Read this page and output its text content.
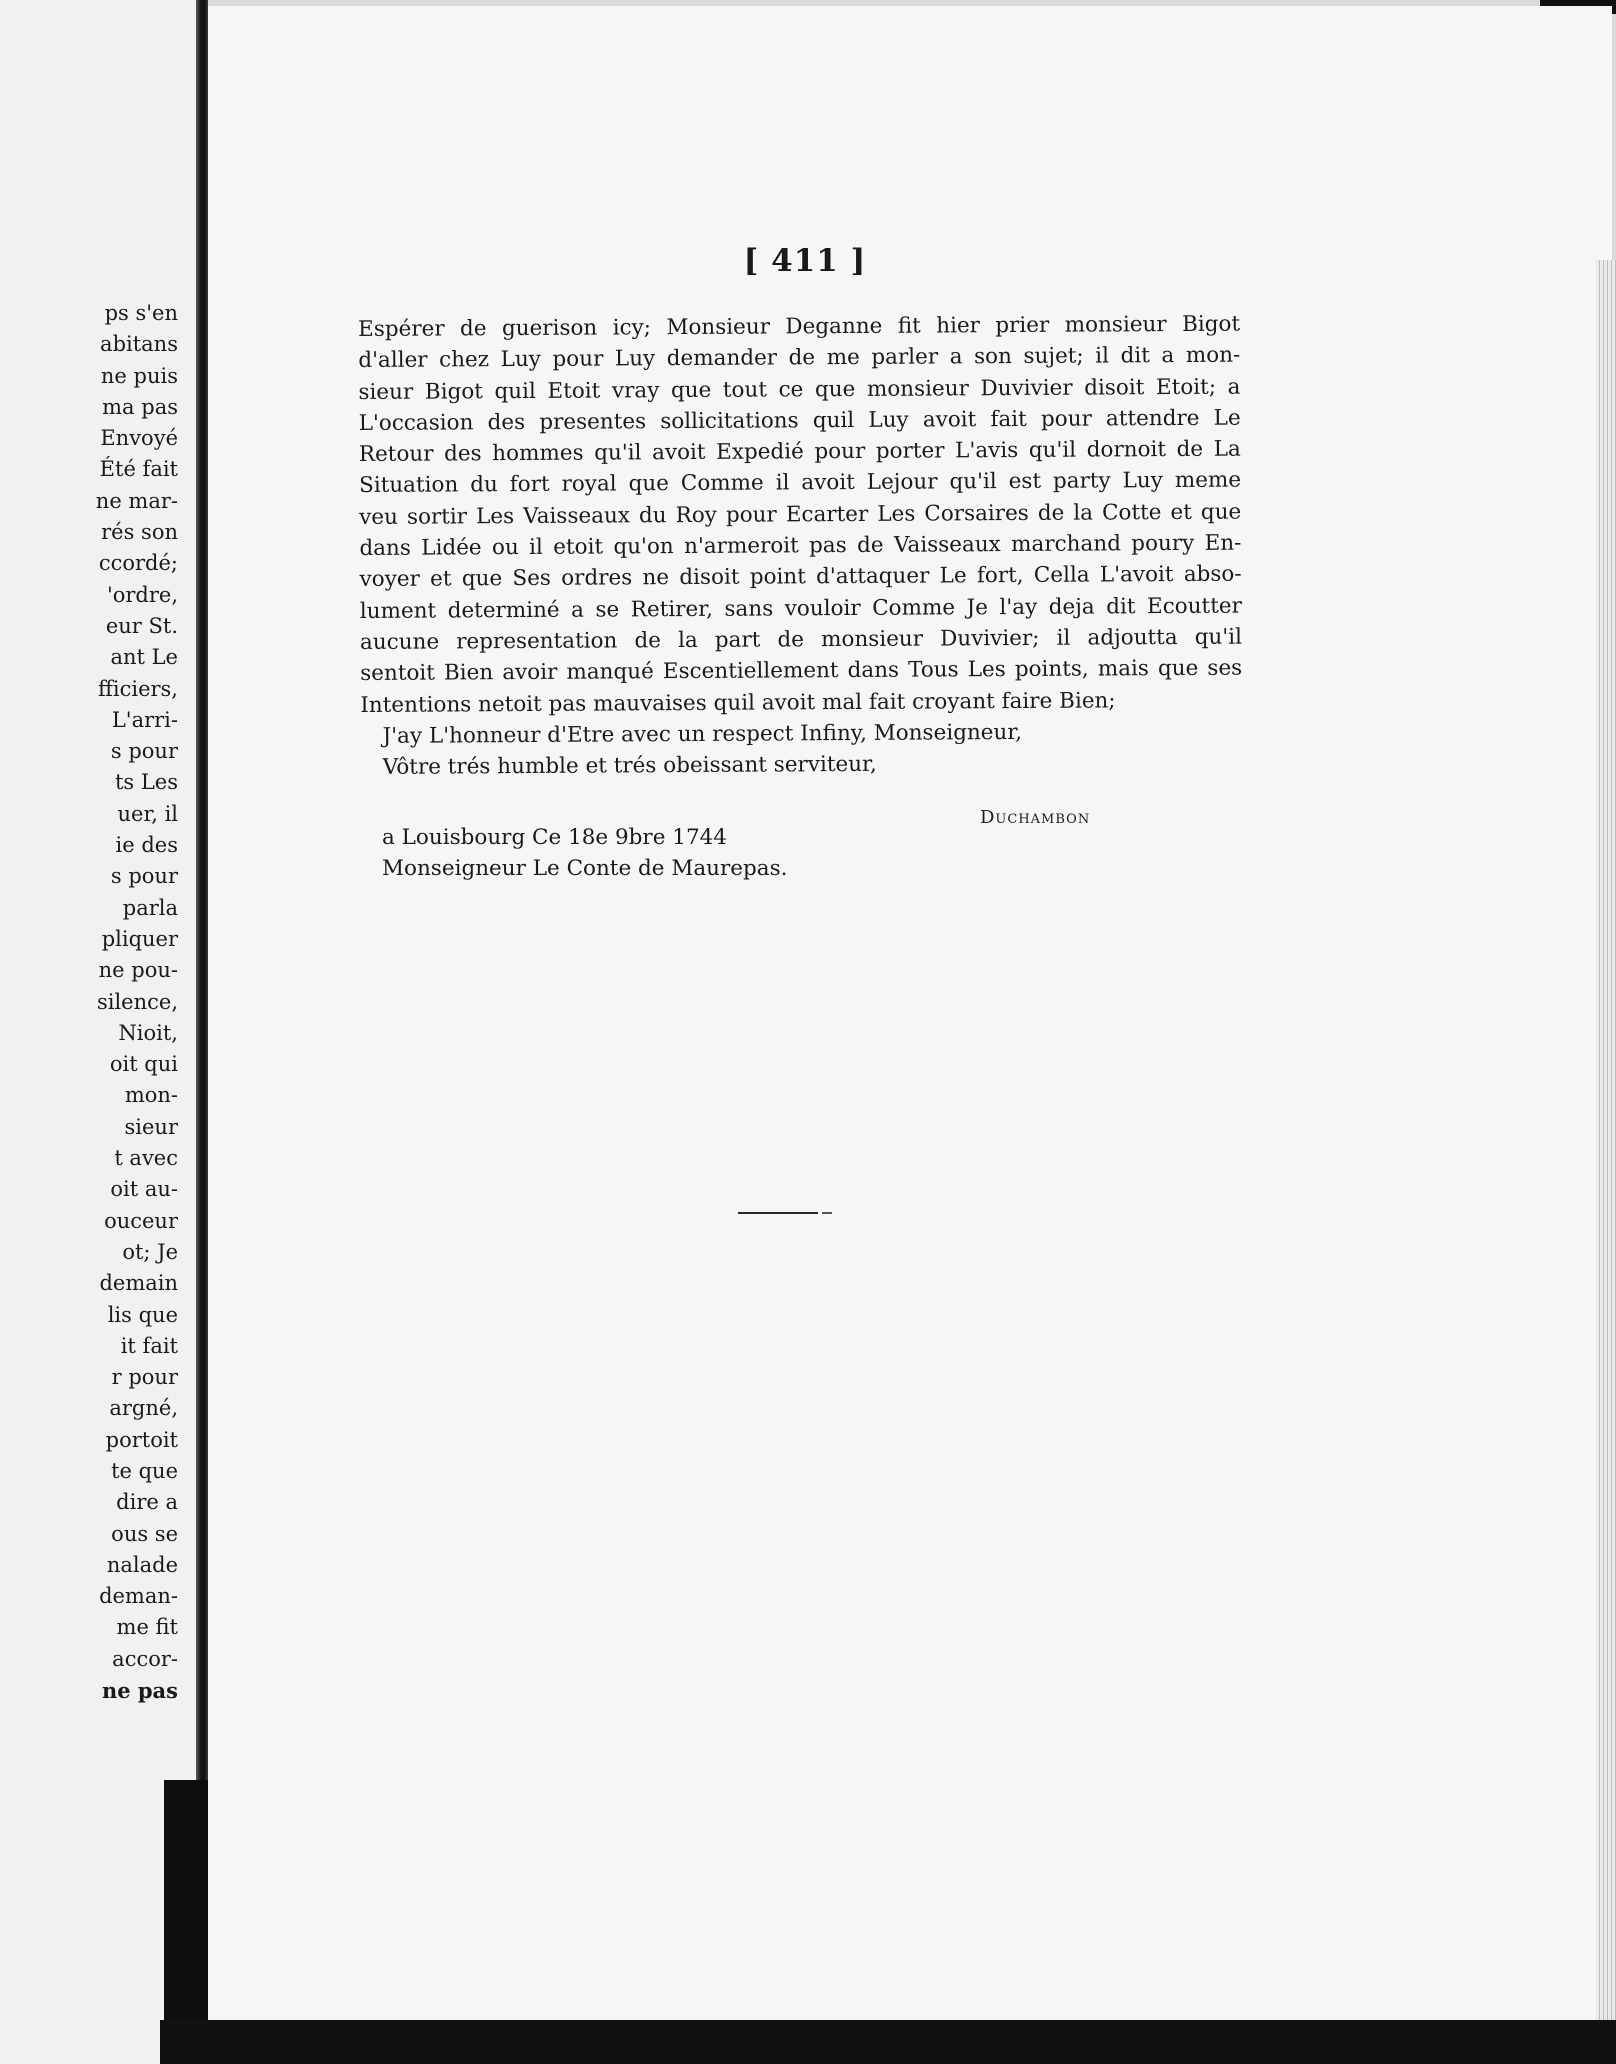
ps s'en
abitans
ne puis
ma pas
Envoyé
Été fait
ne mar-
rés son
ccordé;
'ordre,
eur St.
ant Le
fficiers,
L'arri-
s pour
ts Les
uer, il
ie des
s pour
parla
pliquer
ne pou-
silence,
Nioit,
oit qui
mon-
sieur
t avec
oit au-
ouceur
ot; Je
demain
lis que
it fait
r pour
argné,
portoit
te que
dire a
ous se
nalade
deman-
me fit
accor-
ne pas
[ 411 ]
Espérer de guerison icy; Monsieur Deganne fit hier prier monsieur Bigot
d'aller chez Luy pour Luy demander de me parler a son sujet; il dit a mon-
sieur Bigot quil Etoit vray que tout ce que monsieur Duvivier disoit Etoit; a
L'occasion des presentes sollicitations quil Luy avoit fait pour attendre Le
Retour des hommes qu'il avoit Expedié pour porter L'avis qu'il dornoit de La
Situation du fort royal que Comme il avoit Lejour qu'il est party Luy meme
veu sortir Les Vaisseaux du Roy pour Ecarter Les Corsaires de la Cotte et que
dans Lidée ou il etoit qu'on n'armeroit pas de Vaisseaux marchand poury En-
voyer et que Ses ordres ne disoit point d'attaquer Le fort, Cella L'avoit abso-
lument determiné a se Retirer, sans vouloir Comme Je l'ay deja dit Ecoutter
aucune representation de la part de monsieur Duvivier; il adjoutta qu'il
sentoit Bien avoir manqué Escentiellement dans Tous Les points, mais que ses
Intentions netoit pas mauvaises quil avoit mal fait croyant faire Bien;
J'ay L'honneur d'Etre avec un respect Infiny, Monseigneur,
Vôtre trés humble et trés obeissant serviteur,
Duchambon
a Louisbourg Ce 18e 9bre 1744
Monseigneur Le Conte de Maurepas.
